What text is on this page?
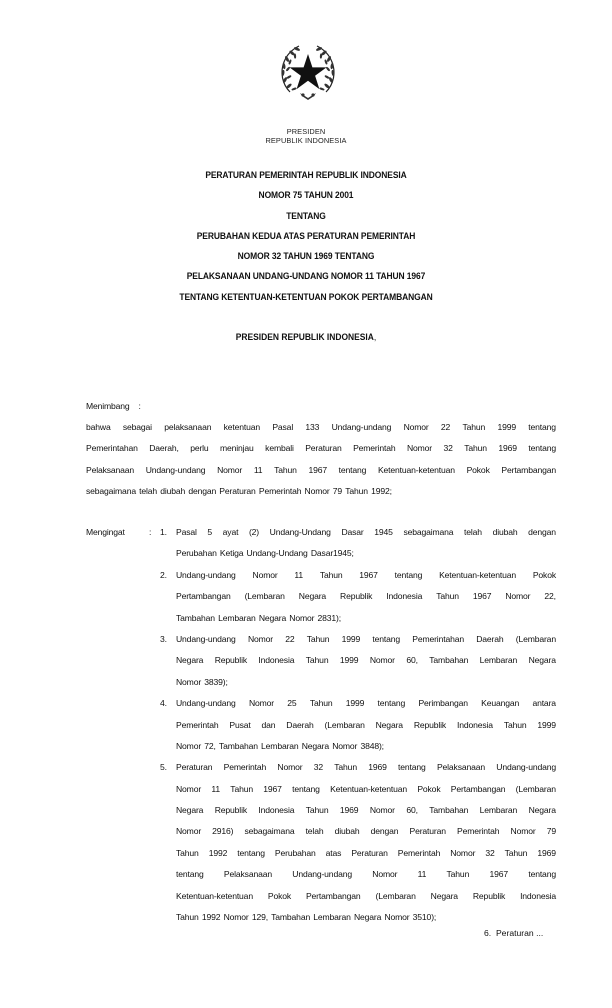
PRESIDEN
REPUBLIK INDONESIA
PERATURAN PEMERINTAH REPUBLIK INDONESIA
NOMOR 75 TAHUN 2001
TENTANG
PERUBAHAN KEDUA ATAS PERATURAN PEMERINTAH
NOMOR 32 TAHUN 1969 TENTANG
PELAKSANAAN UNDANG-UNDANG NOMOR 11 TAHUN 1967
TENTANG KETENTUAN-KETENTUAN POKOK PERTAMBANGAN
PRESIDEN REPUBLIK INDONESIA,
Menimbang    :
bahwa sebagai pelaksanaan ketentuan Pasal 133 Undang-undang Nomor 22 Tahun 1999 tentang
Pemerintahan Daerah, perlu meninjau kembali Peraturan Pemerintah Nomor 32 Tahun 1969 tentang
Pelaksanaan Undang-undang Nomor 11 Tahun 1967 tentang Ketentuan-ketentuan Pokok Pertambangan
sebagaimana telah diubah dengan Peraturan Pemerintah Nomor 79 Tahun 1992;
Mengingat	: 1. Pasal 5 ayat (2) Undang-Undang Dasar 1945 sebagaimana telah diubah dengan
Perubahan Ketiga Undang-Undang Dasar1945;
2. Undang-undang Nomor 11 Tahun 1967 tentang Ketentuan-ketentuan Pokok
Pertambangan (Lembaran Negara Republik Indonesia Tahun 1967 Nomor 22,
Tambahan Lembaran Negara Nomor 2831);
3. Undang-undang Nomor 22 Tahun 1999 tentang Pemerintahan Daerah (Lembaran
Negara Republik Indonesia Tahun 1999 Nomor 60, Tambahan Lembaran Negara
Nomor 3839);
4. Undang-undang Nomor 25 Tahun 1999 tentang Perimbangan Keuangan antara
Pemerintah Pusat dan Daerah (Lembaran Negara Republik Indonesia Tahun 1999
Nomor 72, Tambahan Lembaran Negara Nomor 3848);
5. Peraturan Pemerintah Nomor 32 Tahun 1969 tentang Pelaksanaan Undang-undang
Nomor 11 Tahun 1967 tentang Ketentuan-ketentuan Pokok Pertambangan (Lembaran
Negara Republik Indonesia Tahun 1969 Nomor 60, Tambahan Lembaran Negara
Nomor 2916) sebagaimana telah diubah dengan Peraturan Pemerintah Nomor 79
Tahun 1992 tentang Perubahan atas Peraturan Pemerintah Nomor 32 Tahun 1969
tentang Pelaksanaan Undang-undang Nomor 11 Tahun 1967 tentang
Ketentuan-ketentuan Pokok Pertambangan (Lembaran Negara Republik Indonesia
Tahun 1992 Nomor 129, Tambahan Lembaran Negara Nomor 3510);
6.  Peraturan ...
